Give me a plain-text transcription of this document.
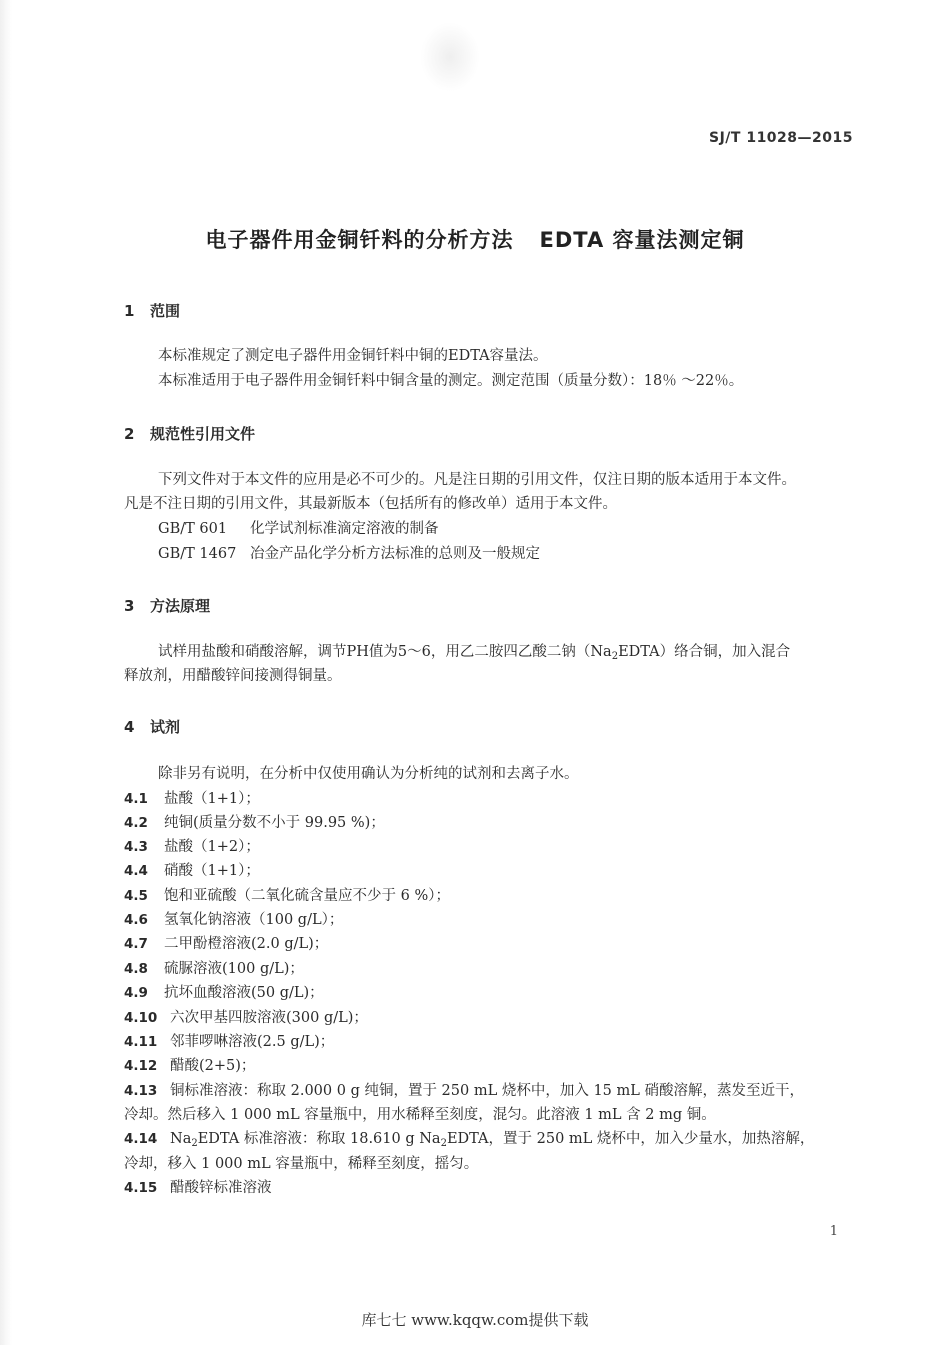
SJ/T 11028—2015
电子器件用金铜钎料的分析方法 EDTA 容量法测定铜
1 范围
本标准规定了测定电子器件用金铜钎料中铜的EDTA容量法。
本标准适用于电子器件用金铜钎料中铜含量的测定。测定范围（质量分数）：18％ ～22％。
2 规范性引用文件
下列文件对于本文件的应用是必不可少的。凡是注日期的引用文件，仅注日期的版本适用于本文件。
凡是不注日期的引用文件，其最新版本（包括所有的修改单）适用于本文件。
GB/T 601 化学试剂标准滴定溶液的制备
GB/T 1467 冶金产品化学分析方法标准的总则及一般规定
3 方法原理
试样用盐酸和硝酸溶解，调节PH值为5～6，用乙二胺四乙酸二钠$(Na_2EDTA)$络合铜，加入混合
释放剂，用醋酸锌间接测得铜量。
4 试剂
除非另有说明，在分析中仅使用确认为分析纯的试剂和去离子水。
4.1 盐酸（1+1）；
4.2 纯铜(质量分数不小于 99.95 %)；
4.3 盐酸（1+2）；
4.4 硝酸（1+1）；
4.5 饱和亚硫酸（二氧化硫含量应不少于 6 %）；
4.6 氢氧化钠溶液（100 g/L）；
4.7 二甲酚橙溶液(2.0 g/L)；
4.8 硫脲溶液(100 g/L)；
4.9 抗坏血酸溶液(50 g/L)；
4.10 六次甲基四胺溶液(300 g/L)；
4.11 邻菲啰啉溶液(2.5 g/L)；
4.12 醋酸(2+5)；
4.13 铜标准溶液：称取 2.000 0 g 纯铜，置于 250 mL 烧杯中，加入 15 mL 硝酸溶解，蒸发至近干，
冷却。然后移入 1 000 mL 容量瓶中，用水稀释至刻度，混匀。此溶液 1 mL 含 2 mg 铜。
4.14 $Na_2EDTA$ 标准溶液：称取 18.610 g $Na_2EDTA$，置于 250 mL 烧杯中，加入少量水，加热溶解，
冷却，移入 1 000 mL 容量瓶中，稀释至刻度，摇匀。
4.15 醋酸锌标准溶液
1
库七七 www.kqqw.com提供下载
